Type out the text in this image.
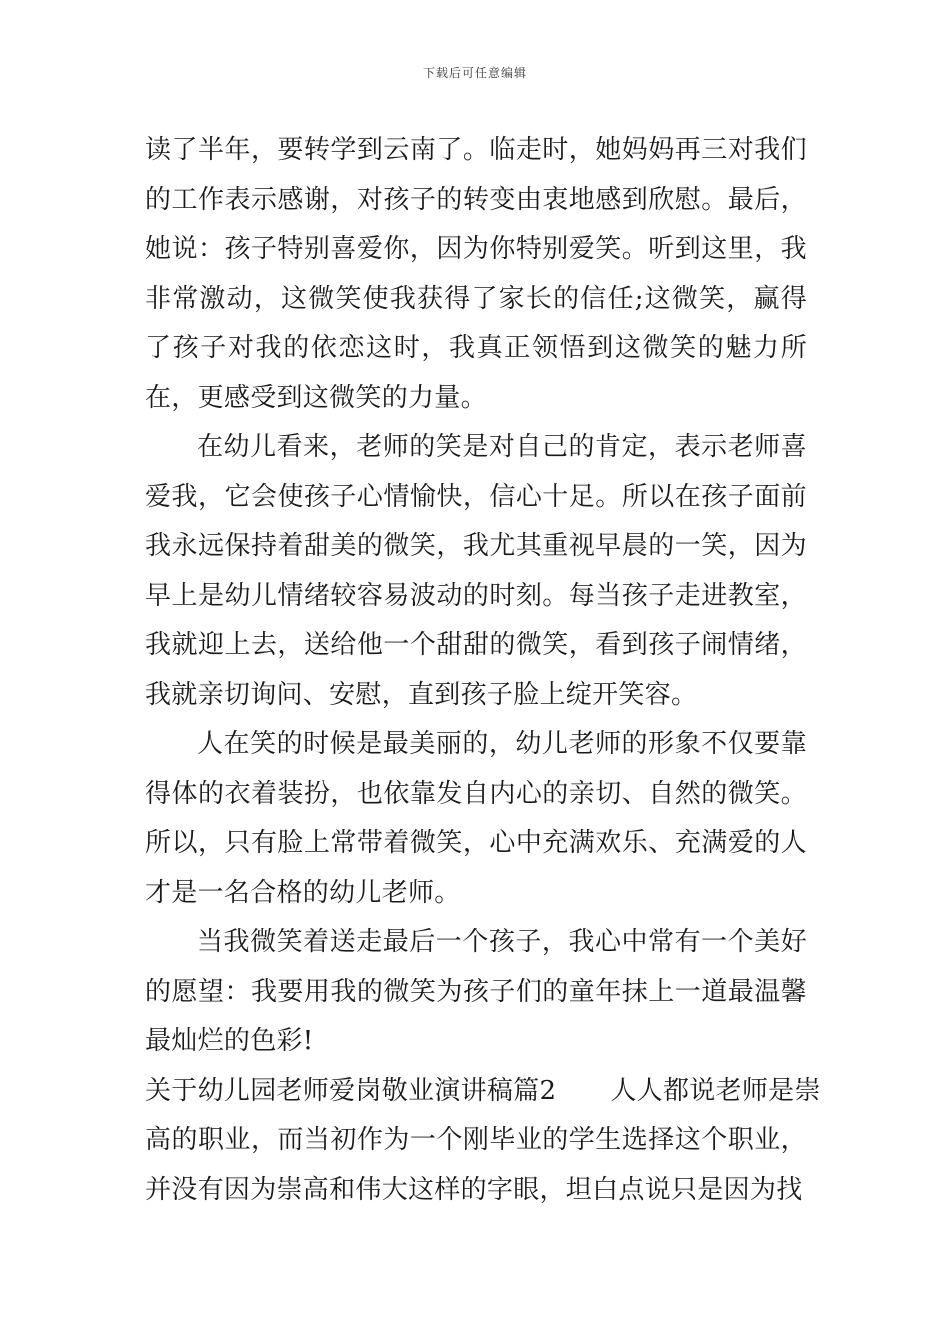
下载后可任意编辑

读了半年，要转学到云南了。临走时，她妈妈再三对我们的工作表示感谢，对孩子的转变由衷地感到欣慰。最后，她说：孩子特别喜爱你，因为你特别爱笑。听到这里，我非常激动，这微笑使我获得了家长的信任;这微笑，赢得了孩子对我的依恋这时，我真正领悟到这微笑的魅力所在，更感受到这微笑的力量。

在幼儿看来，老师的笑是对自己的肯定，表示老师喜爱我，它会使孩子心情愉快，信心十足。所以在孩子面前我永远保持着甜美的微笑，我尤其重视早晨的一笑，因为早上是幼儿情绪较容易波动的时刻。每当孩子走进教室，我就迎上去，送给他一个甜甜的微笑，看到孩子闹情绪，我就亲切询问、安慰，直到孩子脸上绽开笑容。

人在笑的时候是最美丽的，幼儿老师的形象不仅要靠得体的衣着装扮，也依靠发自内心的亲切、自然的微笑。所以，只有脸上常带着微笑，心中充满欢乐、充满爱的人才是一名合格的幼儿老师。

当我微笑着送走最后一个孩子，我心中常有一个美好的愿望：我要用我的微笑为孩子们的童年抹上一道最温馨最灿烂的色彩!

关于幼儿园老师爱岗敬业演讲稿篇2 人人都说老师是崇

高的职业，而当初作为一个刚毕业的学生选择这个职业，并没有因为崇高和伟大这样的字眼，坦白点说只是因为找
